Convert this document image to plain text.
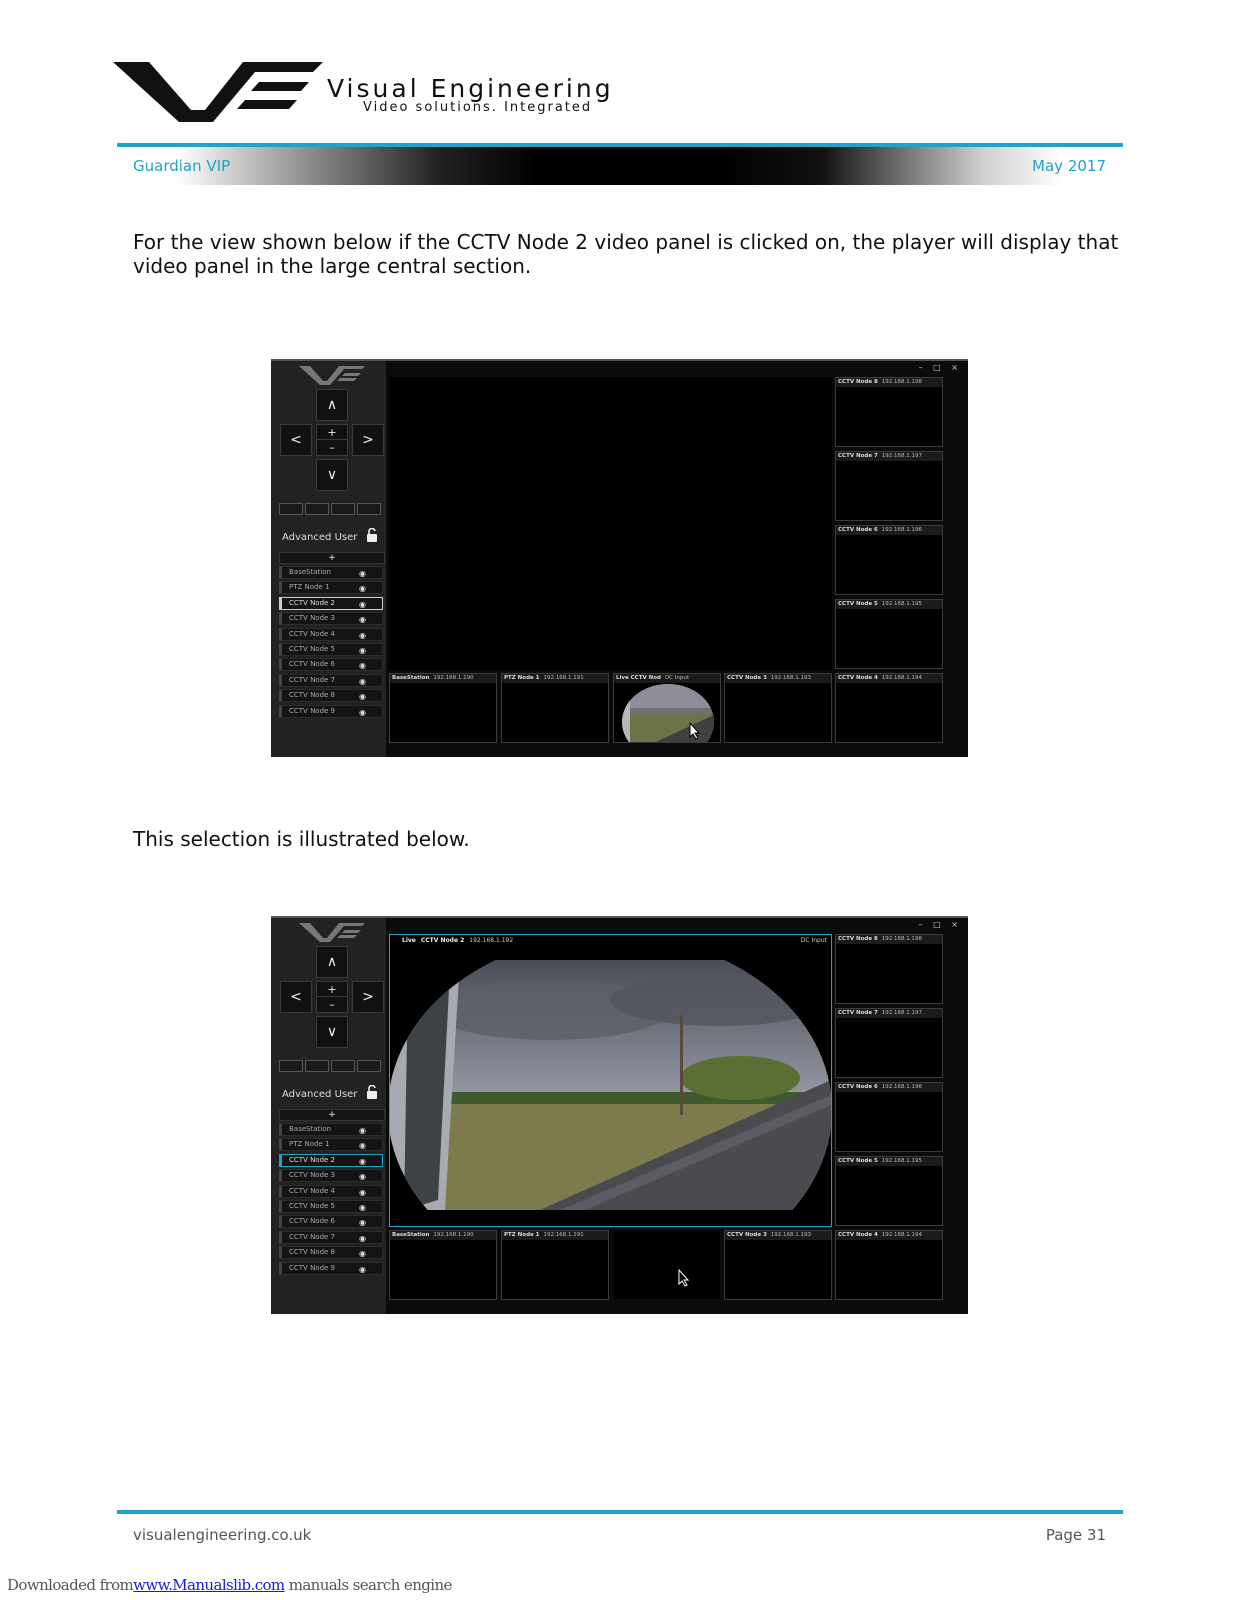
Visual Engineering
Video solutions. Integrated
Guardian VIP	May 2017
For the view shown below if the CCTV Node 2 video panel is clicked on, the player will display that video panel in the large central section.
∧
<	>
+
–
∨
Advanced User
+
BaseStation	◉
PTZ Node 1	◉
CCTV Node 2	◉
CCTV Node 3	◉
CCTV Node 4	◉
CCTV Node 5	◉
CCTV Node 6	◉
CCTV Node 7	◉
CCTV Node 8	◉
CCTV Node 9	◉
– □ ×
CCTV Node 8 192.168.1.198
CCTV Node 7 192.168.1.197
CCTV Node 6 192.168.1.196
CCTV Node 5 192.168.1.195
BaseStation 192.168.1.190	PTZ Node 1 192.168.1.191	Live CCTV Nod DC Input	CCTV Node 3 192.168.1.193	CCTV Node 4 192.168.1.194
This selection is illustrated below.
∧
<	>
+
–
∨
Advanced User
+
BaseStation	◉
PTZ Node 1	◉
CCTV Node 2	◉
CCTV Node 3	◉
CCTV Node 4	◉
CCTV Node 5	◉
CCTV Node 6	◉
CCTV Node 7	◉
CCTV Node 8	◉
CCTV Node 9	◉
– □ ×
Live CCTV Node 2 192.168.1.192	DC Input	CCTV Node 8 192.168.1.198
CCTV Node 7 192.168.1.197
CCTV Node 6 192.168.1.196
CCTV Node 5 192.168.1.195
BaseStation 192.168.1.190	PTZ Node 1 192.168.1.191	CCTV Node 3 192.168.1.193	CCTV Node 4 192.168.1.194
visualengineering.co.uk	Page 31
Downloaded fromwww.Manualslib.com manuals search engine
